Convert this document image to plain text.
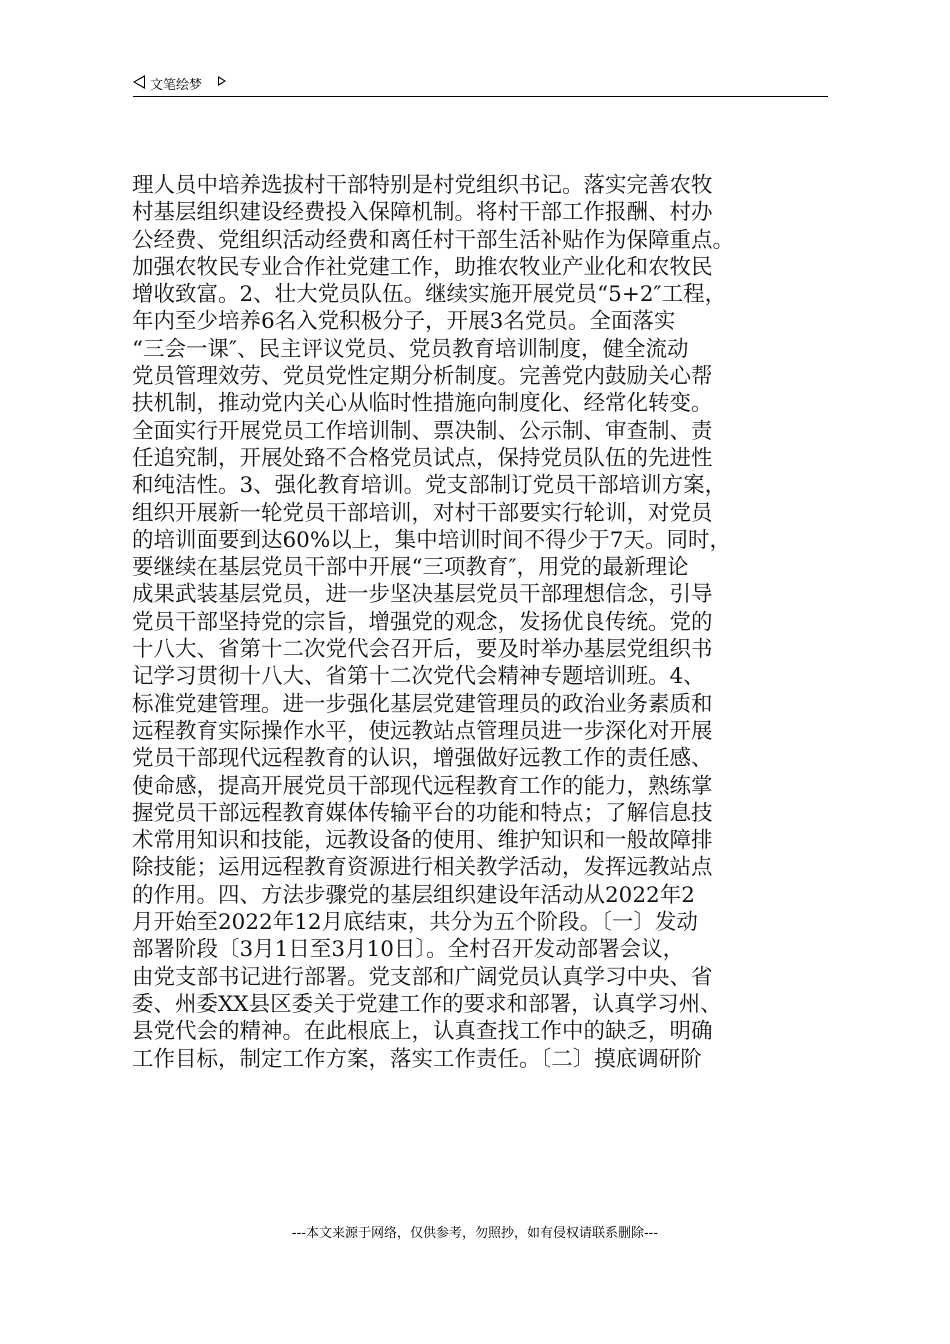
文笔绘梦
理人员中培养选拔村干部特别是村党组织书记。落实完善农牧
村基层组织建设经费投入保障机制。将村干部工作报酬、村办
公经费、党组织活动经费和离任村干部生活补贴作为保障重点。
加强农牧民专业合作社党建工作，助推农牧业产业化和农牧民
增收致富。2、壮大党员队伍。继续实施开展党员“5+2″工程，
年内至少培养6名入党积极分子，开展3名党员。全面落实
“三会一课″、民主评议党员、党员教育培训制度，健全流动
党员管理效劳、党员党性定期分析制度。完善党内鼓励关心帮
扶机制，推动党内关心从临时性措施向制度化、经常化转变。
全面实行开展党员工作培训制、票决制、公示制、审查制、责
任追究制，开展处臵不合格党员试点，保持党员队伍的先进性
和纯洁性。3、强化教育培训。党支部制订党员干部培训方案，
组织开展新一轮党员干部培训，对村干部要实行轮训，对党员
的培训面要到达60%以上，集中培训时间不得少于7天。同时，
要继续在基层党员干部中开展“三项教育″，用党的最新理论
成果武装基层党员，进一步坚决基层党员干部理想信念，引导
党员干部坚持党的宗旨，增强党的观念，发扬优良传统。党的
十八大、省第十二次党代会召开后，要及时举办基层党组织书
记学习贯彻十八大、省第十二次党代会精神专题培训班。4、
标准党建管理。进一步强化基层党建管理员的政治业务素质和
远程教育实际操作水平，使远教站点管理员进一步深化对开展
党员干部现代远程教育的认识，增强做好远教工作的责任感、
使命感，提高开展党员干部现代远程教育工作的能力，熟练掌
握党员干部远程教育媒体传输平台的功能和特点；了解信息技
术常用知识和技能，远教设备的使用、维护知识和一般故障排
除技能；运用远程教育资源进行相关教学活动，发挥远教站点
的作用。四、方法步骤党的基层组织建设年活动从2022年2
月开始至2022年12月底结束，共分为五个阶段。〔一〕发动
部署阶段〔3月1日至3月10日〕。全村召开发动部署会议，
由党支部书记进行部署。党支部和广阔党员认真学习中央、省
委、州委XX县区委关于党建工作的要求和部署，认真学习州、
县党代会的精神。在此根底上，认真查找工作中的缺乏，明确
工作目标，制定工作方案，落实工作责任。〔二〕摸底调研阶
---本文来源于网络，仅供参考，勿照抄，如有侵权请联系删除---
